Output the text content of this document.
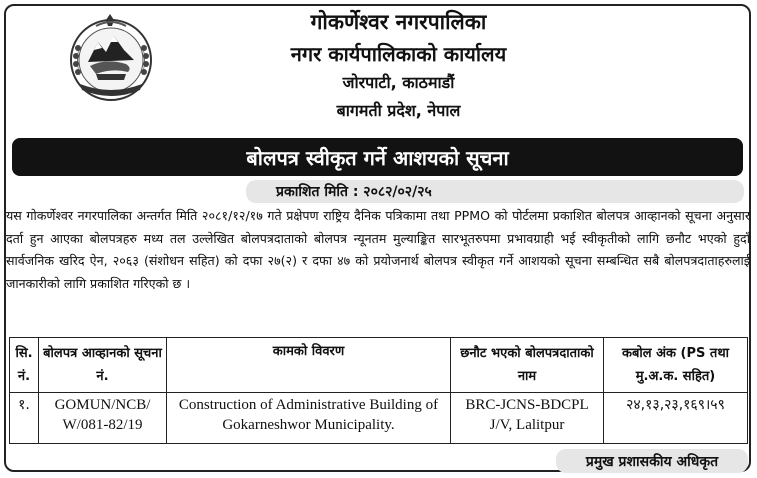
गोकर्णेश्वर नगरपालिका
नगर कार्यपालिकाको कार्यालय
जोरपाटी, काठमाडौं
बागमती प्रदेश, नेपाल
बोलपत्र स्वीकृत गर्ने आशयको सूचना
प्रकाशित मिति : २०८२/०२/२५
यस गोकर्णेश्वर नगरपालिका अन्तर्गत मिति २०८१/१२/१७ गते प्रक्षेपण राष्ट्रिय दैनिक पत्रिकामा तथा PPMO को पोर्टलमा प्रकाशित बोलपत्र आव्हानको सूचना अनुसार दर्ता हुन आएका बोलपत्रहरु मध्य तल उल्लेखित बोलपत्रदाताको बोलपत्र न्यूनतम मुल्याङ्कित सारभूतरुपमा प्रभावग्राही भई स्वीकृतीको लागि छनौट भएको हुदाँ सार्वजनिक खरिद ऐन, २०६३ (संशोधन सहित) को दफा २७(२) र दफा ४७ को प्रयोजनार्थ बोलपत्र स्वीकृत गर्ने आशयको सूचना सम्बन्धित सबै बोलपत्रदाताहरुलाई जानकारीको लागि प्रकाशित गरिएको छ ।
सि. नं.	बोलपत्र आव्हानको सूचना नं.	कामको विवरण	छनौट भएको बोलपत्रदाताको नाम	कबोल अंक (PS तथा मु.अ.क. सहित)
१.	GOMUN/NCB/ W/081-82/19	Construction of Administrative Building of Gokarneshwor Municipality.	BRC-JCNS-BDCPL J/V, Lalitpur	२४,१३,२३,१६९।५९
प्रमुख प्रशासकीय अधिकृत
